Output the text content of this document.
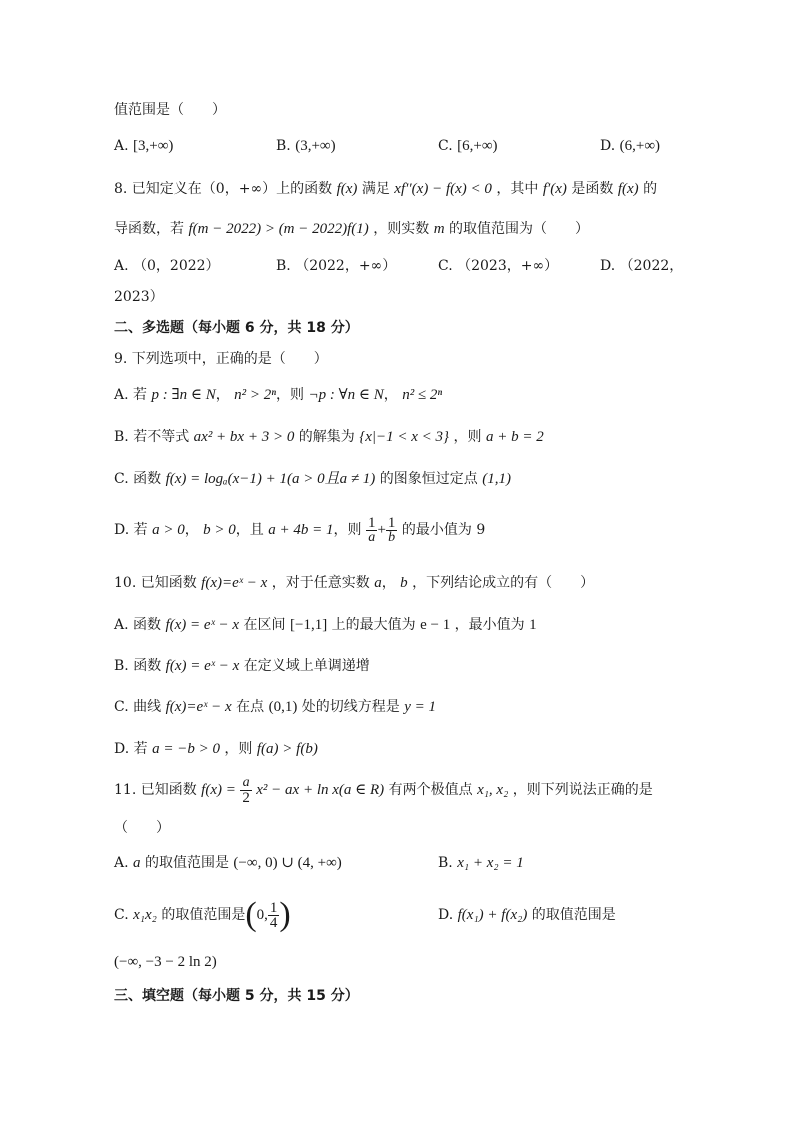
值范围是（　　）
A. [3,+∞)	B. (3,+∞)	C. [6,+∞)	D. (6,+∞)
8. 已知定义在（0，+∞）上的函数 f(x) 满足 xf′′(x) − f(x) < 0 ，其中 f′(x) 是函数 f(x) 的
导函数，若 f(m − 2022) > (m − 2022)f(1) ，则实数 m 的取值范围为（　　）
A. （0，2022）	B. （2022，+∞）	C. （2023，+∞）	D. （2022，
2023）
二、多选题（每小题 6 分，共 18 分）
9. 下列选项中，正确的是（　　）
A. 若 p : ∃n ∈ N， n² > 2ⁿ，则 ¬p : ∀n ∈ N， n² ≤ 2ⁿ
B. 若不等式 ax² + bx + 3 > 0 的解集为 {x|−1 < x < 3} ，则 a + b = 2
C. 函数 f(x) = logₐ(x−1) + 1(a > 0且a ≠ 1) 的图象恒过定点 (1,1)
D. 若 a > 0， b > 0，且 a + 4b = 1，则 $\frac{1}{a} + \frac{1}{b}$ 的最小值为 9
10. 已知函数 f(x)=eˣ − x ，对于任意实数 a， b ，下列结论成立的有（　　）
A. 函数 f(x) = eˣ − x 在区间 [−1,1] 上的最大值为 e − 1 ，最小值为 1
B. 函数 f(x) = eˣ − x 在定义域上单调递增
C. 曲线 f(x)=eˣ − x 在点 (0,1) 处的切线方程是 y = 1
D. 若 a = −b > 0 ，则 f(a) > f(b)
11. 已知函数 $f(x) = \frac{a}{2} x^2$ − ax + ln x(a ∈ R) 有两个极值点 x₁, x₂ ，则下列说法正确的是
（　　）
A. a 的取值范围是 (−∞, 0) ∪ (4, +∞)	B. x₁ + x₂ = 1
C. x₁x₂ 的取值范围是(0, $\frac{1}{4}$ )	D. f(x₁) + f(x₂) 的取值范围是
(−∞, −3 − 2 ln 2)
三、填空题（每小题 5 分，共 15 分）
